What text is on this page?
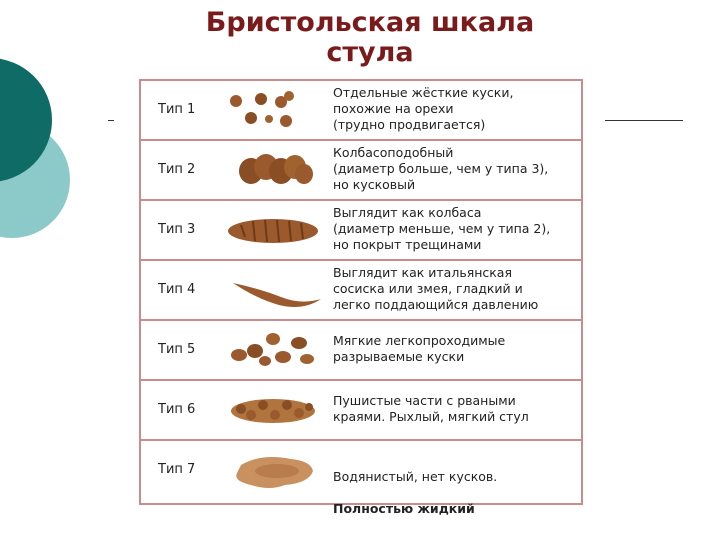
Бристольская шкала стула
Тип 1
Отдельные жёсткие куски,
похожие на орехи
(трудно продвигается)
Тип 2
Колбасоподобный
(диаметр больше, чем у типа 3),
но кусковый
Тип 3
Выглядит как колбаса
(диаметр меньше, чем у типа 2),
но покрыт трещинами
Тип 4
Выглядит как итальянская
сосиска или змея, гладкий и
легко поддающийся давлению
Тип 5
Мягкие легкопроходимые
разрываемые куски
Тип 6
Пушистые части с рваными
краями. Рыхлый, мягкий стул
Тип 7	Водянистый, нет кусков.

Полностью жидкий
